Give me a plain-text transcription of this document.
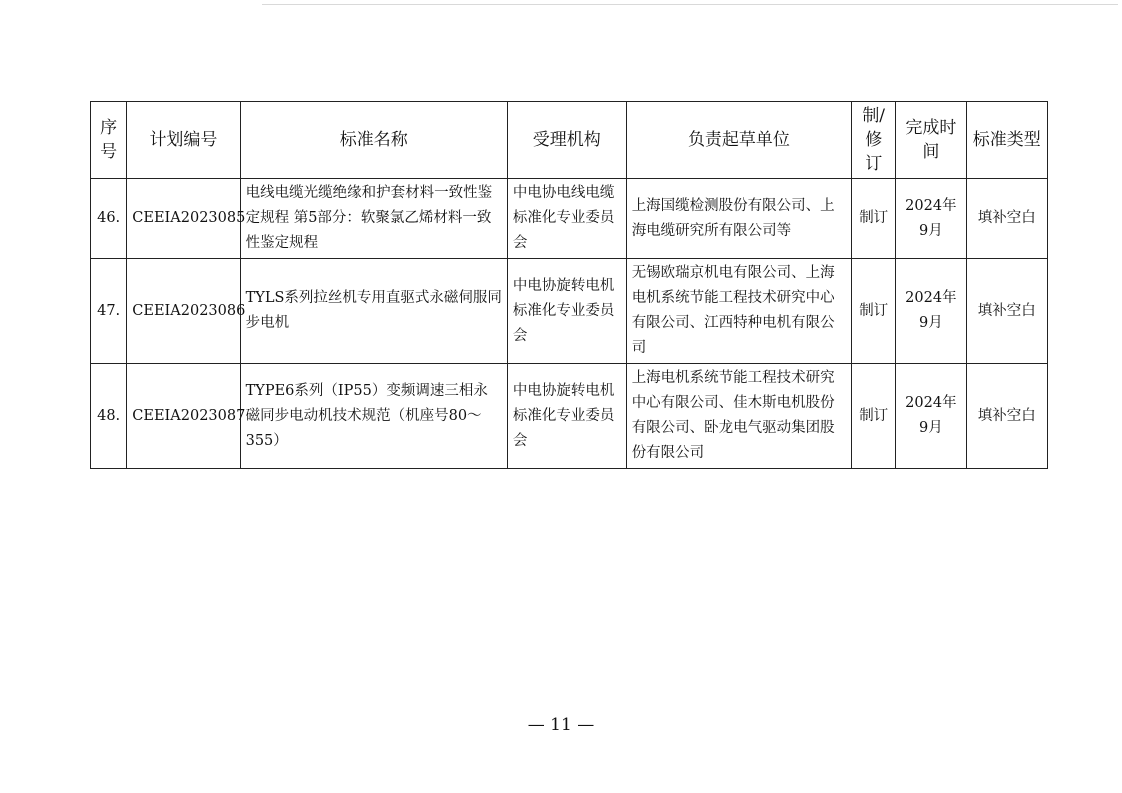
序号	计划编号	标准名称	受理机构	负责起草单位	制/修订	完成时间	标准类型
46.	CEEIA2023085	电线电缆光缆绝缘和护套材料一致性鉴定规程 第5部分：软聚氯乙烯材料一致性鉴定规程	中电协电线电缆标准化专业委员会	上海国缆检测股份有限公司、上海电缆研究所有限公司等	制订	2024年9月	填补空白
47.	CEEIA2023086	TYLS系列拉丝机专用直驱式永磁伺服同步电机	中电协旋转电机标准化专业委员会	无锡欧瑞京机电有限公司、上海电机系统节能工程技术研究中心有限公司、江西特种电机有限公司	制订	2024年9月	填补空白
48.	CEEIA2023087	TYPE6系列（IP55）变频调速三相永磁同步电动机技术规范（机座号80～355）	中电协旋转电机标准化专业委员会	上海电机系统节能工程技术研究中心有限公司、佳木斯电机股份有限公司、卧龙电气驱动集团股份有限公司	制订	2024年9月	填补空白
— 11 —
